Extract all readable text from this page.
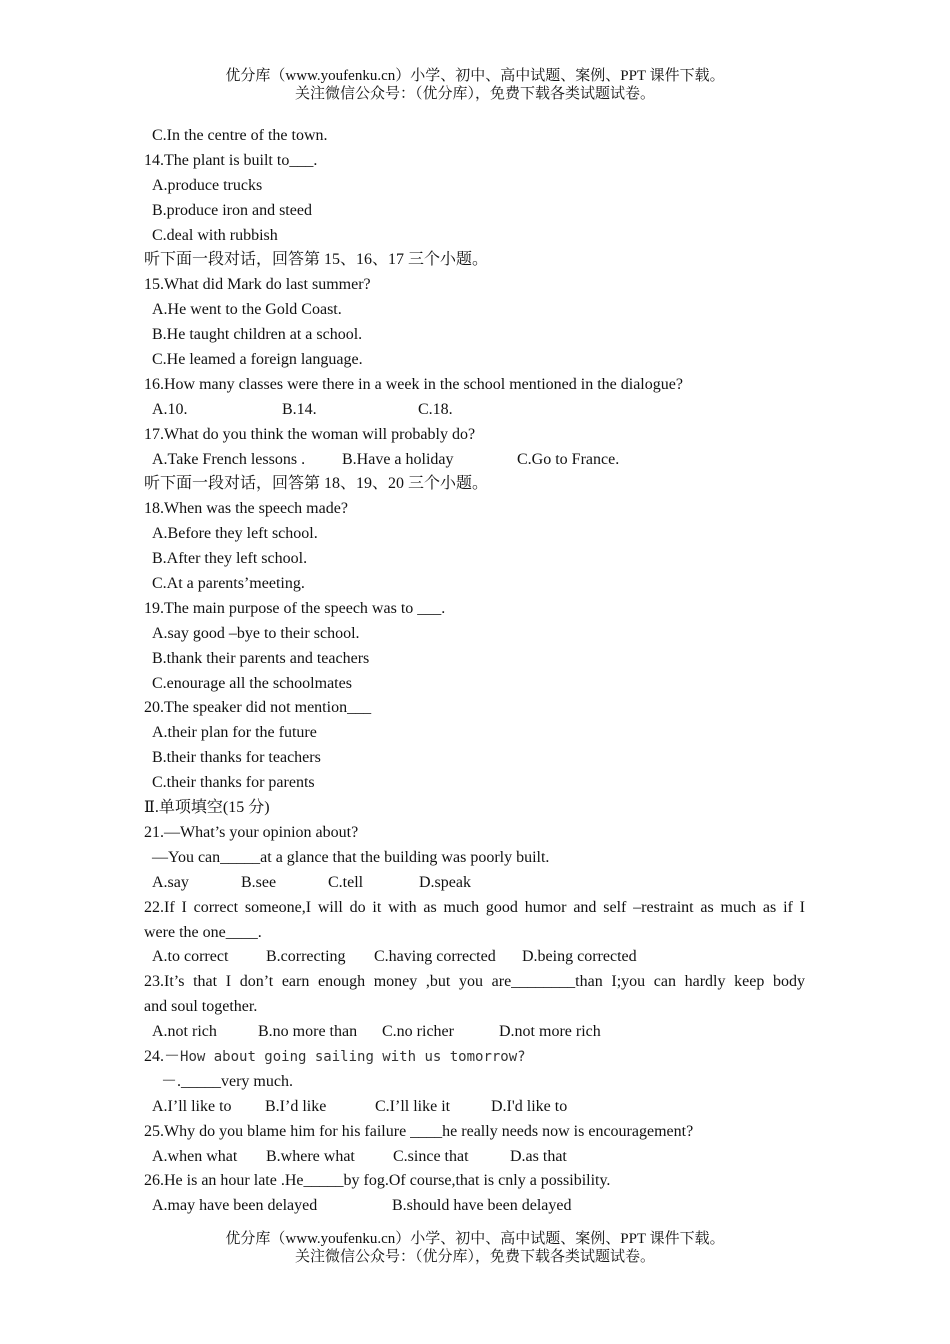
优分库（www.youfenku.cn）小学、初中、高中试题、案例、PPT 课件下载。
关注微信公众号：（优分库），免费下载各类试题试卷。
C.In the centre of the town.
14.The plant is built to___.
A.produce trucks
B.produce iron and steed
C.deal with rubbish
听下面一段对话，回答第 15、16、17 三个小题。
15.What did Mark do last summer?
A.He went to the Gold Coast.
B.He taught children at a school.
C.He leamed a foreign language.
16.How many classes were there in a week in the school mentioned in the dialogue?
A.10.	B.14.	C.18.
17.What do you think the woman will probably do?
A.Take French lessons . B.Have a holiday	C.Go to France.
听下面一段对话，回答第 18、19、20 三个小题。
18.When was the speech made?
A.Before they left school.
B.After they left school.
C.At a parents’meeting.
19.The main purpose of the speech was to ___.
A.say good –bye to their school.
B.thank their parents and teachers
C.enourage all the schoolmates
20.The speaker did not mention___
A.their plan for the future
B.their thanks for teachers
C.their thanks for parents
Ⅱ.单项填空(15 分)
21.—What’s your opinion about?
—You can_____at a glance that the building was poorly built.
A.say	B.see	C.tell	D.speak
22.If I correct someone,I will do it with as much good humor and self –restraint as much as if I
were the one____.
A.to correct B.correcting C.having corrected D.being corrected
23.It’s that I don’t earn enough money ,but you are________than I;you can hardly keep body
and soul together.
A.not rich	B.no more than C.no richer	D.not more rich
24.－How about going sailing with us tomorrow?
－._____very much.
A.I’ll like to B.I’d like	C.I’ll like it	D.I'd like to
25.Why do you blame him for his failure ____he really needs now is encouragement?
A.when what B.where what C.since that	D.as that
26.He is an hour late .He_____by fog.Of course,that is cnly a possibility.
A.may have been delayed	B.should have been delayed
优分库（www.youfenku.cn）小学、初中、高中试题、案例、PPT 课件下载。
关注微信公众号：（优分库），免费下载各类试题试卷。
